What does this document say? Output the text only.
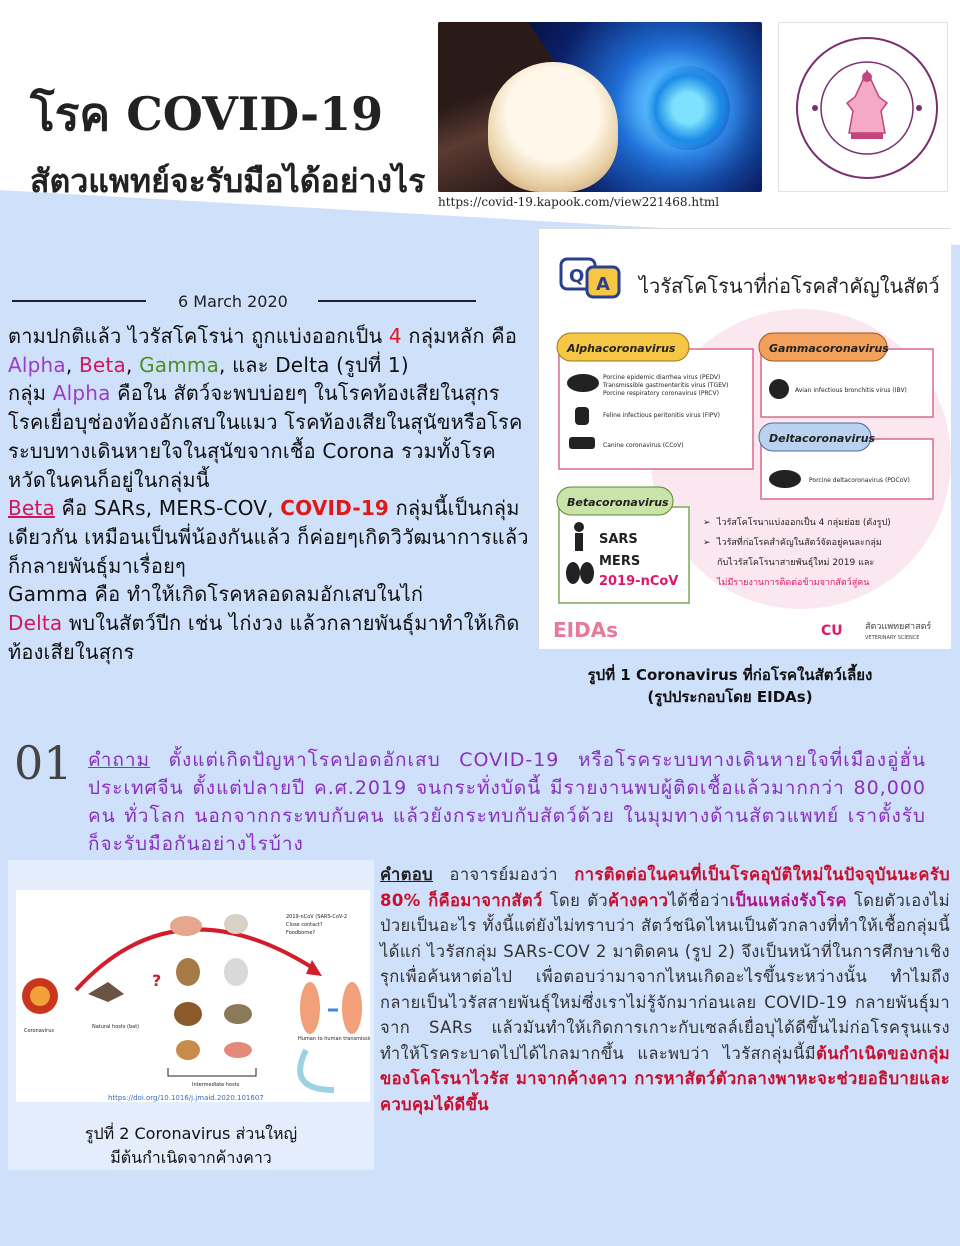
โรค COVID-19
สัตวแพทย์จะรับมือได้อย่างไร
https://covid-19.kapook.com/view221468.html
6 March 2020
ตามปกติแล้ว ไวรัสโคโรน่า ถูกแบ่งออกเป็น 4 กลุ่มหลัก คือ Alpha, Beta, Gamma, และ Delta (รูปที่ 1)
กลุ่ม Alpha คือใน สัตว์จะพบบ่อยๆ ในโรคท้องเสียในสุกร โรคเยื่อบุช่องท้องอักเสบในแมว โรคท้องเสียในสุนัขหรือโรคระบบทางเดินหายใจในสุนัขจากเชื้อ Corona รวมทั้งโรคหวัดในคนก็อยู่ในกลุ่มนี้
Beta คือ SARs, MERS-COV, COVID-19 กลุ่มนี้เป็นกลุ่มเดียวกัน เหมือนเป็นพี่น้องกันแล้ว ก็ค่อยๆเกิดวิวัฒนาการแล้วก็กลายพันธุ์มาเรื่อยๆ
Gamma คือ ทำให้เกิดโรคหลอดลมอักเสบในไก่
Delta พบในสัตว์ปีก เช่น ไก่งวง แล้วกลายพันธุ์มาทำให้เกิดท้องเสียในสุกร
Q A ไวรัสโคโรนาที่ก่อโรคสำคัญในสัตว์
Alphacoronavirus
Porcine epidemic diarrhea virus (PEDV)
Transmissible gastroenteritis virus (TGEV)
Porcine respiratory coronavirus (PRCV)
Feline infectious peritonitis virus (FIPV)
Canine coronavirus (CCoV)
Gammacoronavirus
Avian infectious bronchitis virus (IBV)
Deltacoronavirus
Porcine deltacoronavirus (PDCoV)
Betacoronavirus
SARS
MERS
2019-nCoV
➢ ไวรัสโคโรนาแบ่งออกเป็น 4 กลุ่มย่อย (ดังรูป)
➢ ไวรัสที่ก่อโรคสำคัญในสัตว์จัดอยู่คนละกลุ่ม
กับไวรัสโคโรนาสายพันธุ์ใหม่ 2019 และ
ไม่มีรายงานการติดต่อข้ามจากสัตว์สู่คน
EIDAs	CU สัตวแพทยศาสตร์
VETERINARY SCIENCE
รูปที่ 1 Coronavirus ที่ก่อโรคในสัตว์เลี้ยง
(รูปประกอบโดย EIDAs)
01 คำถาม ตั้งแต่เกิดปัญหาโรคปอดอักเสบ COVID-19 หรือโรคระบบทางเดินหายใจที่เมืองอู่ฮั่น ประเทศจีน ตั้งแต่ปลายปี ค.ศ.2019 จนกระทั่งบัดนี้ มีรายงานพบผู้ติดเชื้อแล้วมากกว่า 80,000 คน ทั่วโลก นอกจากกระทบกับคน แล้วยังกระทบกับสัตว์ด้วย ในมุมทางด้านสัตวแพทย์ เราตั้งรับก็จะรับมือกันอย่างไรบ้าง
Coronavirus
Natural hosts (bat)
?
Intermediate hosts
2019-nCoV (SARS-CoV-2
Close contact?
Foodborne?
Human to human transmission
https://doi.org/10.1016/j.jmaid.2020.101607
รูปที่ 2 Coronavirus ส่วนใหญ่
มีต้นกำเนิดจากค้างคาว
คำตอบ อาจารย์มองว่า การติดต่อในคนที่เป็นโรคอุบัติใหม่ในปัจจุบันนะครับ 80% ก็คือมาจากสัตว์ โดย ตัวค้างคาวได้ชื่อว่าเป็นแหล่งรังโรค โดยตัวเองไม่ป่วยเป็นอะไร ทั้งนี้แต่ยังไม่ทราบว่า สัตว์ชนิดไหนเป็นตัวกลางที่ทำให้เชื้อกลุ่มนี้ ได้แก่ ไวรัสกลุ่ม SARs-COV 2 มาติดคน (รูป 2) จึงเป็นหน้าที่ในการศึกษาเชิงรุกเพื่อค้นหาต่อไป เพื่อตอบว่ามาจากไหนเกิดอะไรขึ้นระหว่างนั้น ทำไมถึงกลายเป็นไวรัสสายพันธุ์ใหม่ซึ่งเราไม่รู้จักมาก่อนเลย COVID-19 กลายพันธุ์มาจาก SARs แล้วมันทำให้เกิดการเกาะกับเซลล์เยื่อบุได้ดีขึ้นไม่ก่อโรครุนแรง ทำให้โรคระบาดไปได้ไกลมากขึ้น และพบว่า ไวรัสกลุ่มนี้มีต้นกำเนิดของกลุ่มของโคโรนาไวรัส มาจากค้างคาว การหาสัตว์ตัวกลางพาหะจะช่วยอธิบายและควบคุมได้ดีขึ้น
